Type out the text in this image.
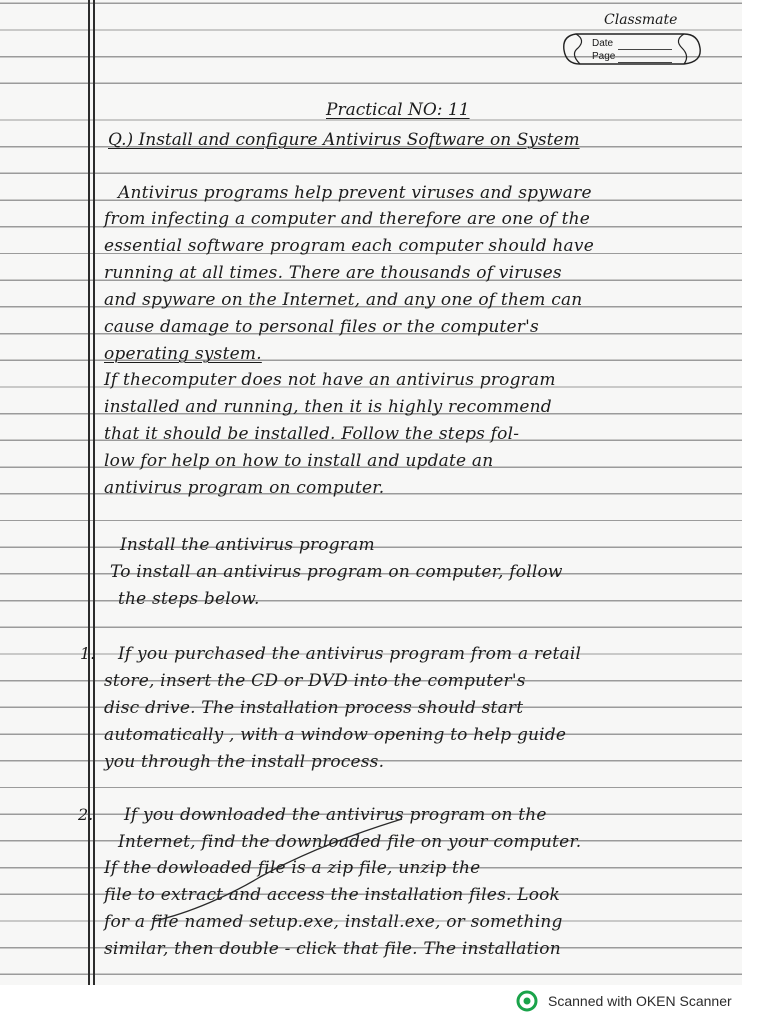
Classmate
Date
Page
Practical NO: 11
Q.) Install and configure Antivirus Software on System
Antivirus programs help prevent viruses and spyware
from infecting a computer and therefore are one of the
essential software program each computer should have
running at all times. There are thousands of viruses
and spyware on the Internet, and any one of them can
cause damage to personal files or the computer's
operating system.
If thecomputer does not have an antivirus program
installed and running, then it is highly recommend
that it should be installed. Follow the steps fol-
low for help on how to install and update an
antivirus program on computer.
Install the antivirus program
To install an antivirus program on computer, follow
the steps below.
1. If you purchased the antivirus program from a retail
store, insert the CD or DVD into the computer's
disc drive. The installation process should start
automatically , with a window opening to help guide
you through the install process.
2. If you downloaded the antivirus program on the
Internet, find the downloaded file on your computer.
If the dowloaded file is a zip file, unzip the
file to extract and access the installation files. Look
for a file named setup.exe, install.exe, or something
similar, then double - click that file. The installation
Scanned with OKEN Scanner
